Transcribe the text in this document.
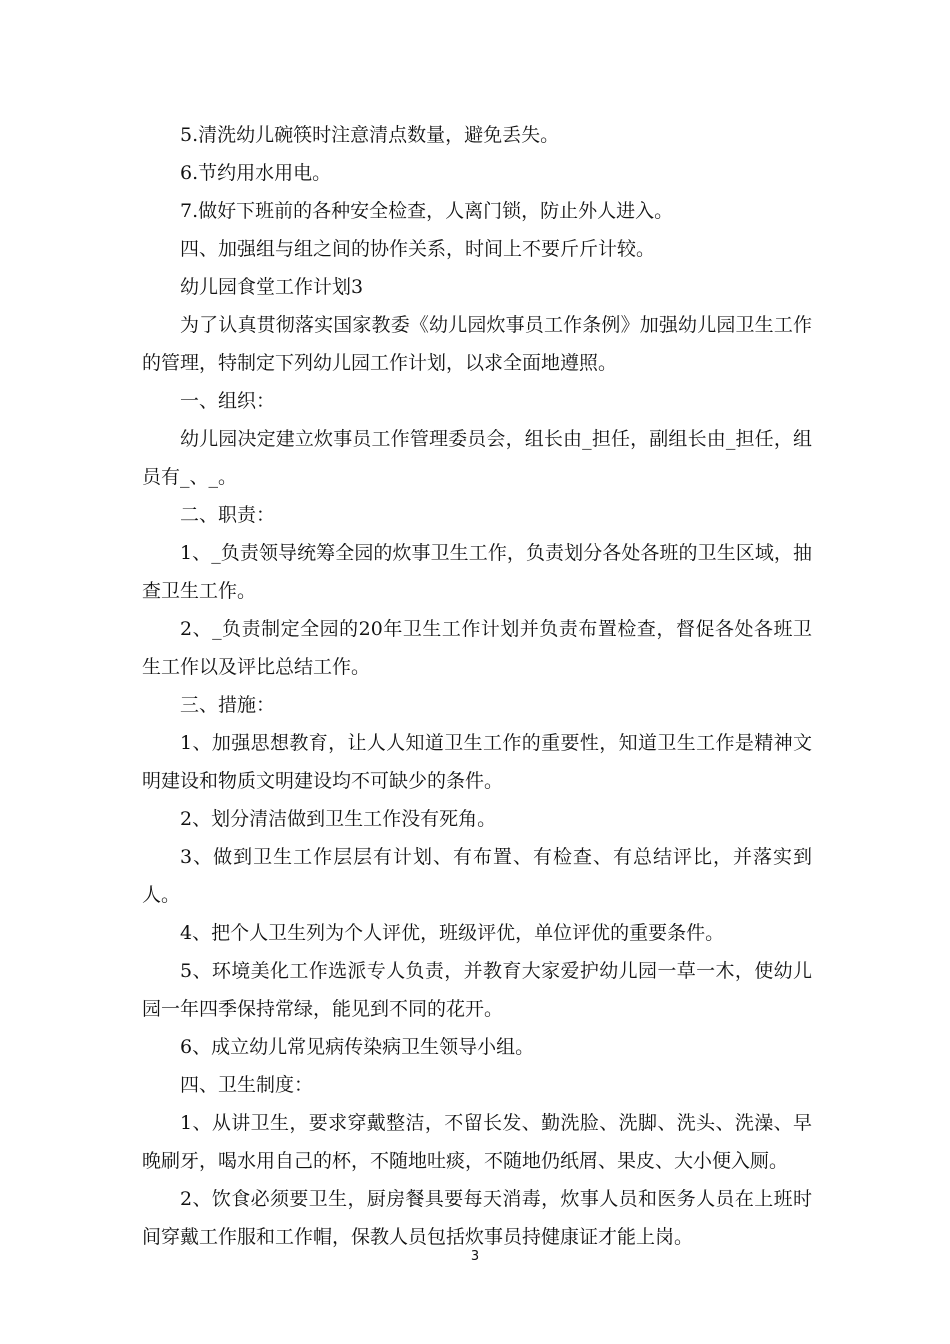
5.清洗幼儿碗筷时注意清点数量，避免丢失。

6.节约用水用电。

7.做好下班前的各种安全检查，人离门锁，防止外人进入。

四、加强组与组之间的协作关系，时间上不要斤斤计较。

幼儿园食堂工作计划3

为了认真贯彻落实国家教委《幼儿园炊事员工作条例》加强幼儿园卫生工作的管理，特制定下列幼儿园工作计划，以求全面地遵照。

一、组织：

幼儿园决定建立炊事员工作管理委员会，组长由_担任，副组长由_担任，组员有_、_。

二、职责：

1、_负责领导统筹全园的炊事卫生工作，负责划分各处各班的卫生区域，抽查卫生工作。

2、_负责制定全园的20年卫生工作计划并负责布置检查，督促各处各班卫生工作以及评比总结工作。

三、措施：

1、加强思想教育，让人人知道卫生工作的重要性，知道卫生工作是精神文明建设和物质文明建设均不可缺少的条件。

2、划分清洁做到卫生工作没有死角。

3、做到卫生工作层层有计划、有布置、有检查、有总结评比，并落实到人。

4、把个人卫生列为个人评优，班级评优，单位评优的重要条件。

5、环境美化工作选派专人负责，并教育大家爱护幼儿园一草一木，使幼儿园一年四季保持常绿，能见到不同的花开。

6、成立幼儿常见病传染病卫生领导小组。

四、卫生制度：

1、从讲卫生，要求穿戴整洁，不留长发、勤洗脸、洗脚、洗头、洗澡、早晚刷牙，喝水用自己的杯，不随地吐痰，不随地仍纸屑、果皮、大小便入厕。

2、饮食必须要卫生，厨房餐具要每天消毒，炊事人员和医务人员在上班时间穿戴工作服和工作帽，保教人员包括炊事员持健康证才能上岗。

3
